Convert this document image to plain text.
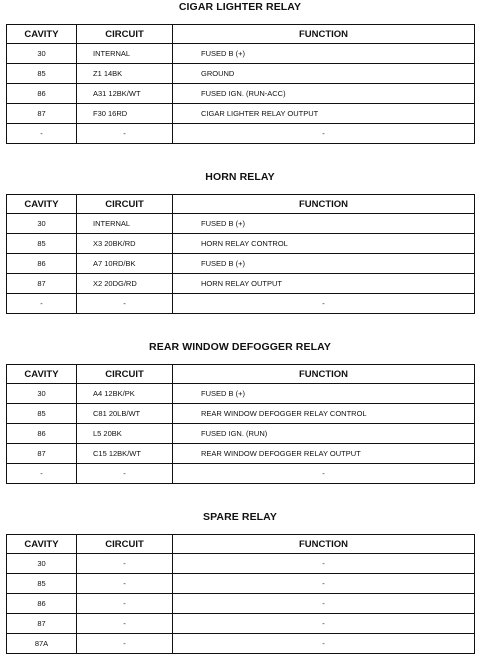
CIGAR LIGHTER RELAY
CAVITY	CIRCUIT	FUNCTION
30	INTERNAL	FUSED B (+)
85	Z1 14BK	GROUND
86	A31 12BK/WT	FUSED IGN. (RUN-ACC)
87	F30 16RD	CIGAR LIGHTER RELAY OUTPUT
-	-	-
HORN RELAY
CAVITY	CIRCUIT	FUNCTION
30	INTERNAL	FUSED B (+)
85	X3 20BK/RD	HORN RELAY CONTROL
86	A7 10RD/BK	FUSED B (+)
87	X2 20DG/RD	HORN RELAY OUTPUT
-	-	-
REAR WINDOW DEFOGGER RELAY
CAVITY	CIRCUIT	FUNCTION
30	A4 12BK/PK	FUSED B (+)
85	C81 20LB/WT	REAR WINDOW DEFOGGER RELAY CONTROL
86	L5 20BK	FUSED IGN. (RUN)
87	C15 12BK/WT	REAR WINDOW DEFOGGER RELAY OUTPUT
-	-	-
SPARE RELAY
CAVITY	CIRCUIT	FUNCTION
30	-	-
85	-	-
86	-	-
87	-	-
87A	-	-
